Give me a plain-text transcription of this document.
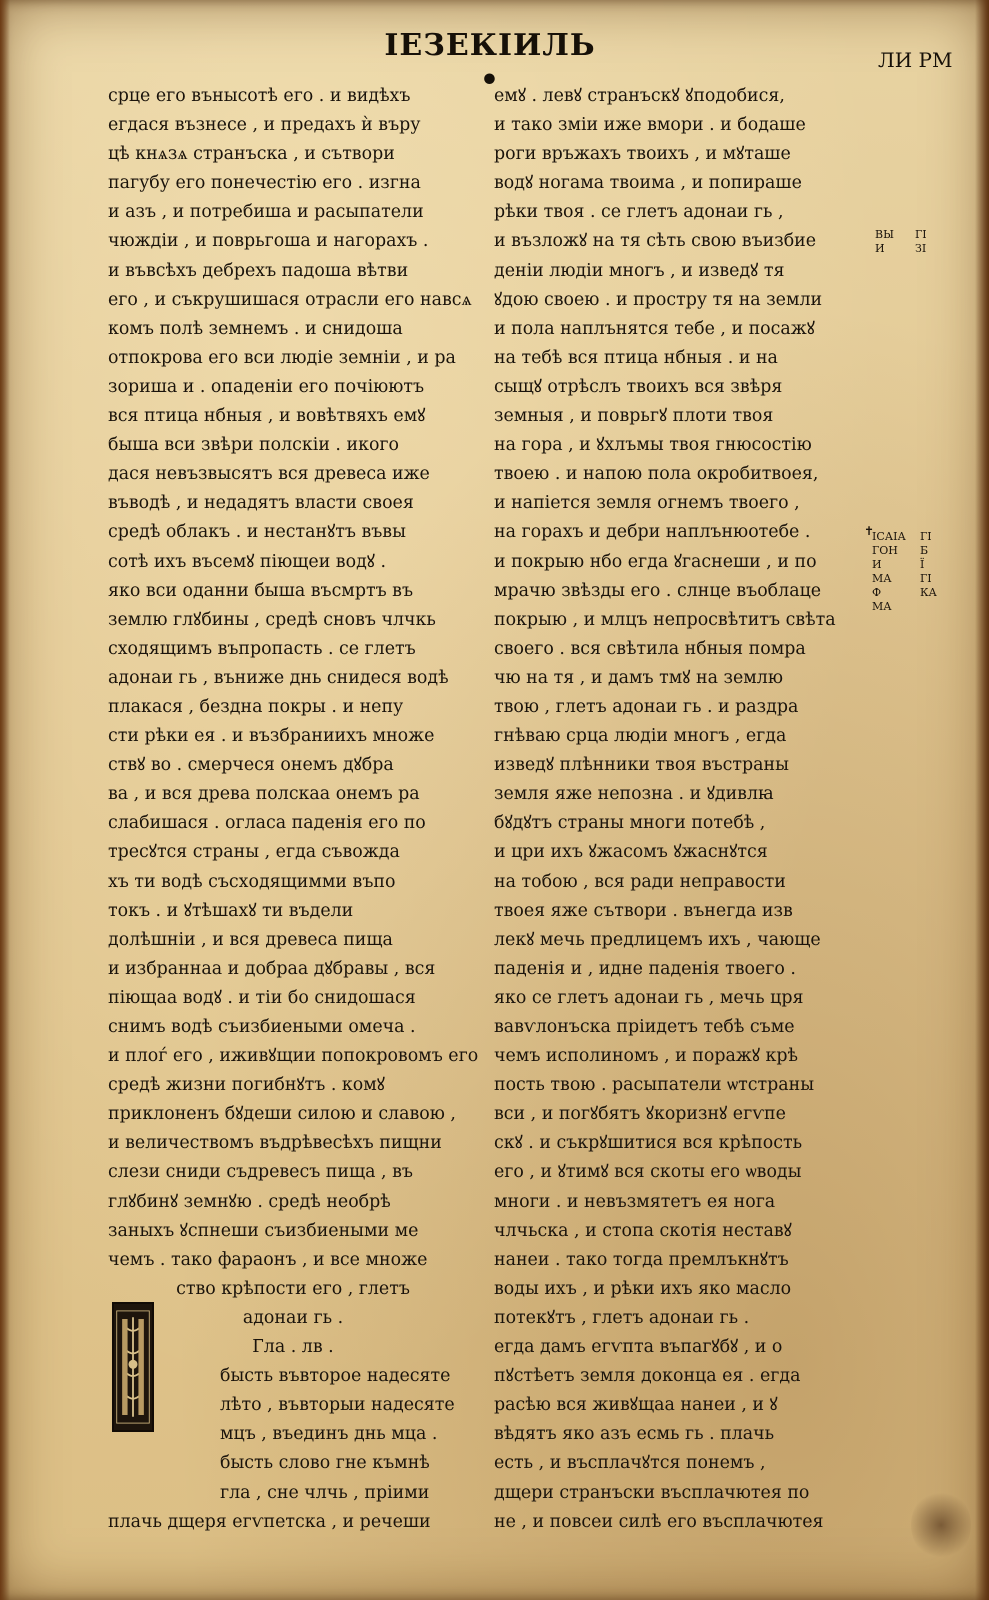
ІЕЗЕКІИЛЬ •
ЛИ РМ
срце его вънысотѣ его . и видѣхъ
егдася възнесе , и предахъ ѝ въру
цѣ кнѧзѧ странъска , и сътвори
пагубу его понечестію его . изгна
и азъ , и потребиша и расыпатели
чюждіи , и поврьгоша и нагорахъ .
и въвсѣхъ дебрехъ падоша вѣтви
его , и съкрушишася отрасли его навсѧ
комъ полѣ земнемъ . и снидоша
отпокрова его вси людіе земніи , и ра
зориша и . опаденіи его почіюютъ
вся птица нбныя , и вовѣтвяхъ емꙋ
быша вси звѣри полскіи . икого
дася невъзвысятъ вся древеса иже
въводѣ , и недадятъ власти своея
средѣ облакъ . и нестанꙋтъ въвы
сотѣ ихъ въсемꙋ піющеи водꙋ .
яко вси оданни быша въсмртъ въ
землю глꙋбины , средѣ сновъ члчкь
сходящимъ въпропасть . се глетъ
адонаи гь , въниже днь снидеся водѣ
плакася , бездна покры . и непу
сти рѣки ея . и възбраниихъ множе
ствꙋ во . смерчеся онемъ дꙋбра
ва , и вся древа полскаа онемъ ра
слабишася . огласа паденія его по
тресꙋтся страны , егда съвожда
хъ ти водѣ съсходящимми въпо
токъ . и ꙋтѣшахꙋ ти въдели
долѣшніи , и вся древеса пища
и избраннаа и добраа дꙋбравы , вся
піющаа водꙋ . и тіи бо снидошася
снимъ водѣ съизбиеными омеча .
и плоѓ его , иживꙋщии попокровомъ его
средѣ жизни погибнꙋтъ . комꙋ
приклоненъ бꙋдеши силою и славою ,
и величествомъ въдрѣвесѣхъ пищни
слези сниди съдревесъ пища , въ
глꙋбинꙋ земнꙋю . средѣ необрѣ
заныхъ ꙋспнеши съизбиеными ме
чемъ . тако фараонъ , и все множе
ство крѣпости его , глетъ
адонаи гь .
Гла . лв .
бысть въвторое надесяте
лѣто , въвторыи надесяте
мцъ , въединъ днь мца .
бысть слово гне къмнѣ
гла , сне члчь , пріими
плачь дщеря егѵпетска , и речеши
емꙋ . левꙋ странъскꙋ ꙋподобися,
и тако зміи иже вмори . и бодаше
роги връжахъ твоихъ , и мꙋташе
водꙋ ногама твоима , и попираше
рѣки твоя . се глетъ адонаи гь ,
и възложꙋ на тя сѣть свою въизбие
деніи людіи многъ , и изведꙋ тя
ꙋдою своею . и простру тя на земли
и пола наплънятся тебе , и посажꙋ
на тебѣ вся птица нбныя . и на
сыщꙋ отрѣслъ твоихъ вся звѣря
земныя , и поврьгꙋ плоти твоя
на гора , и ꙋхлъмы твоя гнюсостію
твоею . и напою пола окробитвоея,
и напіется земля огнемъ твоего ,
на горахъ и дебри наплънюотебе .
и покрыю нбо егда ꙋгаснеши , и по
мрачю звѣзды его . слнце въоблаце
покрыю , и млцъ непросвѣтитъ свѣта
своего . вся свѣтила нбныя помра
чю на тя , и дамъ тмꙋ на землю
твою , глетъ адонаи гь . и раздра
гнѣваю срца людіи многъ , егда
изведꙋ плѣнники твоя въстраны
земля яже непозна . и ꙋдивлꙗ
бꙋдꙋтъ страны многи потебѣ ,
и цри ихъ ꙋжасомъ ꙋжаснꙋтся
на тобою , вся ради неправости
твоея яже сътвори . вънегда изв
лекꙋ мечь предлицемъ ихъ , чающе
паденія и , идне паденія твоего .
яко се глетъ адонаи гь , мечь цря
вавѵлонъска пріидетъ тебѣ съме
чемъ исполиномъ , и поражꙋ крѣ
пость твою . расыпатели ѡтстраны
вси , и погꙋбятъ ꙋкоризнꙋ егѵпе
скꙋ . и съкрꙋшитися вся крѣпость
его , и ꙋтимꙋ вся скоты его ѡводы
многи . и невъзмятетъ ея нога
члчьска , и стопа скотія неставꙋ
нанеи . тако тогда премлъкнꙋтъ
воды ихъ , и рѣки ихъ яко масло
потекꙋтъ , глетъ адонаи гь .
егда дамъ егѵпта въпагꙋбꙋ , и о
пꙋстѣетъ земля доконца ея . егда
расѣю вся живꙋщаа нанеи , и ꙋ
вѣдятъ яко азъ есмь гь . плачь
есть , и въсплачꙋтся понемъ ,
дщери странъски въсплачютея по
не , и повсеи силѣ его въсплачютея
ВЫ
И
ГІ
ЗІ
✝
ІСАІА
ГОН
И
МА
Ф
МА
ГІ
Б
Ї
ГІ
КА
